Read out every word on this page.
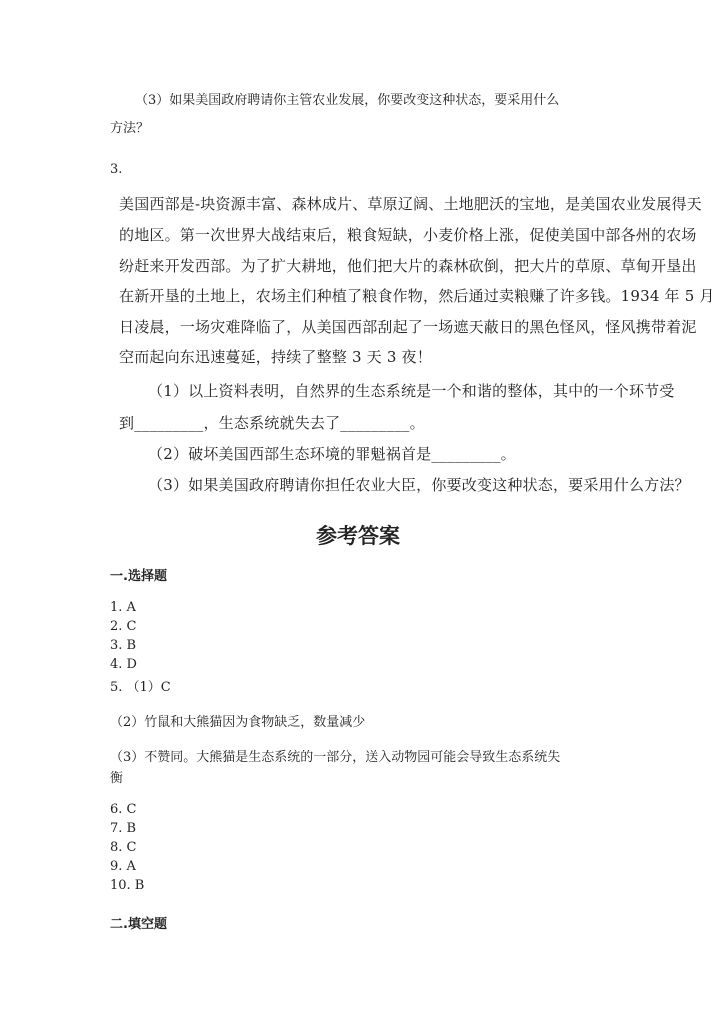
（3）如果美国政府聘请你主管农业发展，你要改变这种状态，要采用什么
方法？
3.
美国西部是-块资源丰富、森林成片、草原辽阔、土地肥沃的宝地，是美国农业发展得天
的地区。第一次世界大战结束后，粮食短缺，小麦价格上涨，促使美国中部各州的农场
纷赶来开发西部。为了扩大耕地，他们把大片的森林砍倒，把大片的草原、草甸开垦出
在新开垦的土地上，农场主们种植了粮食作物，然后通过卖粮赚了许多钱。1934 年 5 月
日凌晨，一场灾难降临了，从美国西部刮起了一场遮天蔽日的黑色怪风，怪风携带着泥
空而起向东迅速蔓延，持续了整整 3 天 3 夜！
（1）以上资料表明，自然界的生态系统是一个和谐的整体，其中的一个环节受
到_________，生态系统就失去了_________。
（2）破坏美国西部生态环境的罪魁祸首是_________。
（3）如果美国政府聘请你担任农业大臣，你要改变这种状态，要采用什么方法？
参考答案
一.选择题
1. A
2. C
3. B
4. D
5. （1）C
（2）竹鼠和大熊猫因为食物缺乏，数量减少
（3）不赞同。大熊猫是生态系统的一部分，送入动物园可能会导致生态系统失
衡
6. C
7. B
8. C
9. A
10. B
二.填空题
